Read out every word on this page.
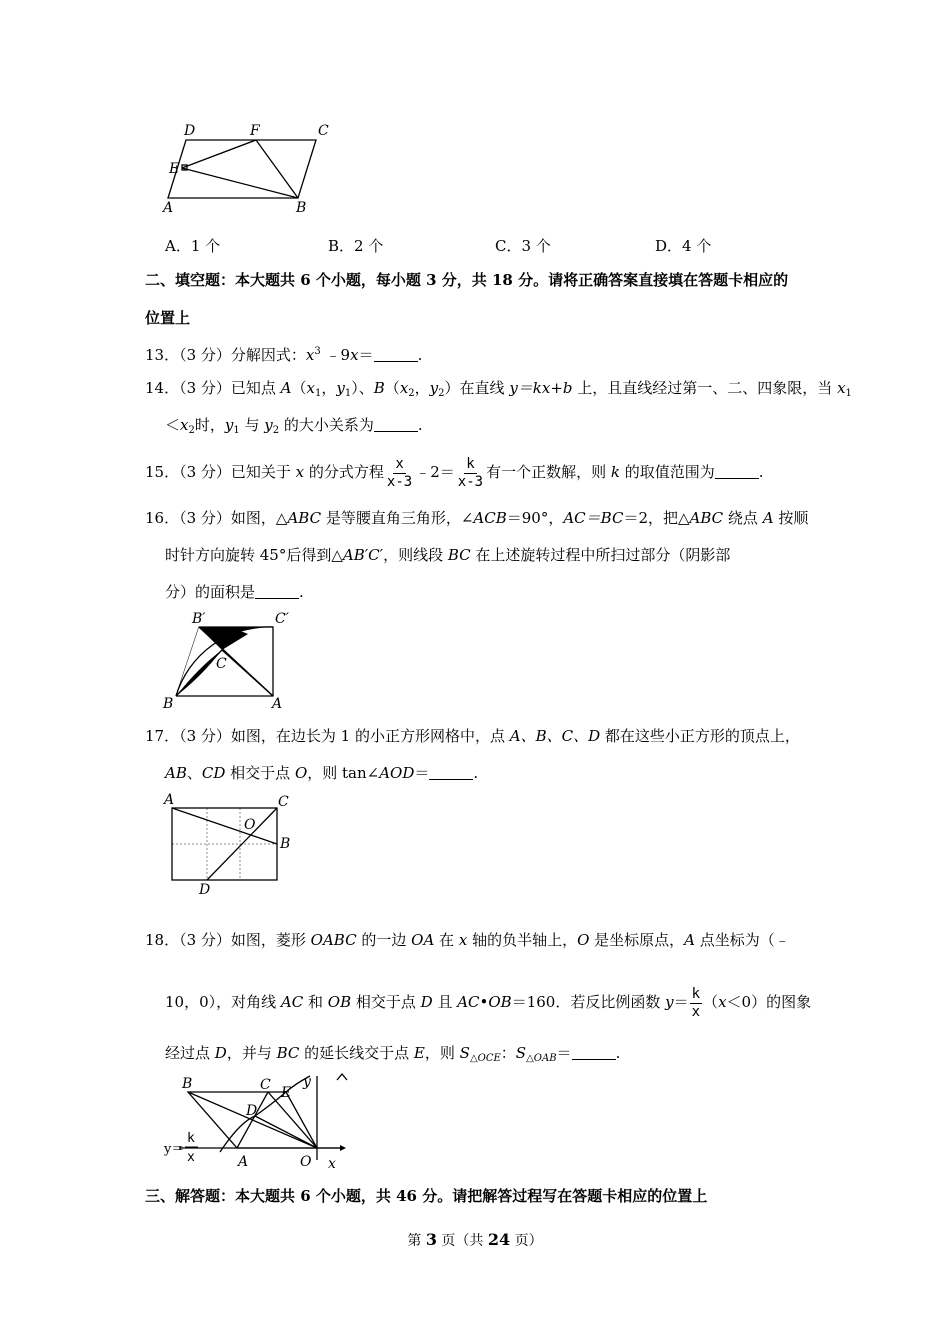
D	F	C
E
A	B
A．1 个	B．2 个	C．3 个	D．4 个
二、填空题：本大题共 6 个小题，每小题 3 分，共 18 分。请将正确答案直接填在答题卡相应的
位置上
13．（3 分）分解因式：$x^3$ ﹣9x＝	.
14．（3 分）已知点 $A(x_1$，$y_1$）、$B(x_2$，$y_2$）在直线 y＝kx+b 上，且直线经过第一、二、四象限，当 $x_1$
$<x_2$时，$y_1$ 与 $y_2$ 的大小关系为	.
15．（3 分）已知关于 x 的分式方程 $\frac{x}{x-3}$ ﹣2＝ $\frac{k}{x-3}$ 有一个正数解，则 k 的取值范围为	.
16．（3 分）如图，△ABC 是等腰直角三角形，∠ACB＝90°，AC＝BC＝2，把△ABC 绕点 A 按顺
时针方向旋转 45°后得到△AB′C′，则线段 BC 在上述旋转过程中所扫过部分（阴影部
分）的面积是	.
B′	C′
C
B	A
17．（3 分）如图，在边长为 1 的小正方形网格中，点 A、B、C、D 都在这些小正方形的顶点上，
AB、CD 相交于点 O，则 tan∠AOD＝	.
A	C
O
B
D
18．（3 分）如图，菱形 OABC 的一边 OA 在 x 轴的负半轴上，O 是坐标原点，A 点坐标为（﹣
10，0），对角线 AC 和 OB 相交于点 D 且 AC•OB＝160．若反比例函数 $y= \frac{k}{x} (x<0)$的图象
经过点 D，并与 BC 的延长线交于点 E，则 $S_{\triangle OCE}$：$S_{\triangle OAB}=$	.
B	C E
D
A	O x
y
y＝
k
x
三、解答题：本大题共 6 个小题，共 46 分。请把解答过程写在答题卡相应的位置上
第 3 页（共 24 页）
